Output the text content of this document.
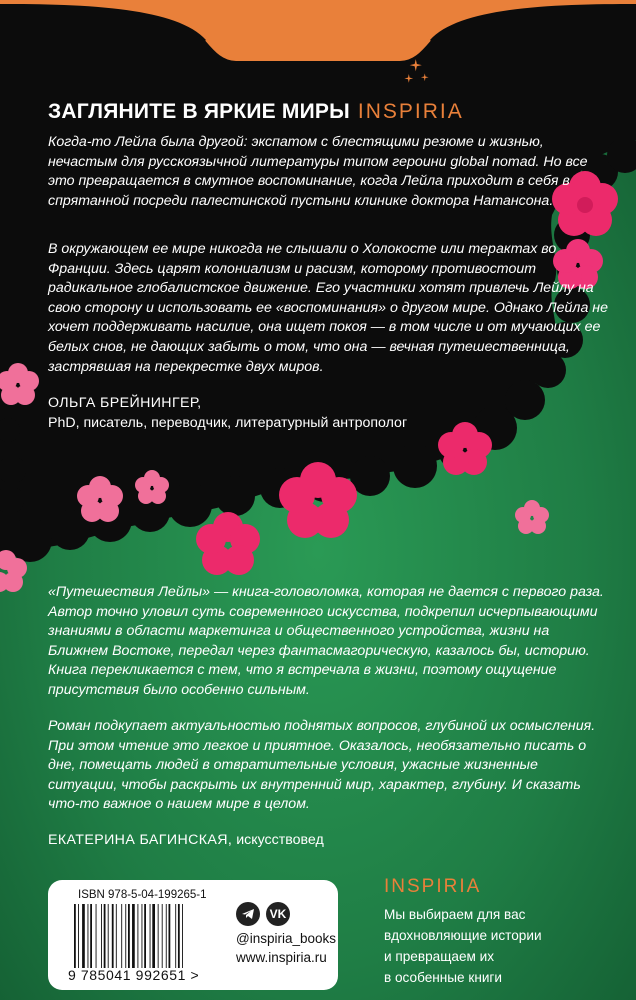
ЗАГЛЯНИТЕ В ЯРКИЕ МИРЫ INSPIRIA
Когда-то Лейла была другой: экспатом с блестящими резюме и жизнью, нечастым для русскоязычной литературы типом героини global nomad. Но все это превращается в смутное воспоминание, когда Лейла приходит в себя в спрятанной посреди палестинской пустыни клинике доктора Натансона.
В окружающем ее мире никогда не слышали о Холокосте или терактах во Франции. Здесь царят колониализм и расизм, которому противостоит радикальное глобалистское движение. Его участники хотят привлечь Лейлу на свою сторону и использовать ее «воспоминания» о другом мире. Однако Лейла не хочет поддерживать насилие, она ищет покоя — в том числе и от мучающих ее белых снов, не дающих забыть о том, что она — вечная путешественница, застрявшая на перекрестке двух миров.
ОЛЬГА БРЕЙНИНГЕР,
PhD, писатель, переводчик, литературный антрополог
«Путешествия Лейлы» — книга-головоломка, которая не дается с первого раза. Автор точно уловил суть современного искусства, подкрепил исчерпывающими знаниями в области маркетинга и общественного устройства, жизни на Ближнем Востоке, передал через фантасмагорическую, казалось бы, историю. Книга перекликается с тем, что я встречала в жизни, поэтому ощущение присутствия было особенно сильным.
Роман подкупает актуальностью поднятых вопросов, глубиной их осмысления. При этом чтение это легкое и приятное. Оказалось, необязательно писать о дне, помещать людей в отвратительные условия, ужасные жизненные ситуации, чтобы раскрыть их внутренний мир, характер, глубину. И сказать что-то важное о нашем мире в целом.
ЕКАТЕРИНА БАГИНСКАЯ, искусствовед
ISBN 978-5-04-199265-1
9 785041 992651 >
VK
@inspiria_books
www.inspiria.ru
INSPIRIA
Мы выбираем для вас
вдохновляющие истории
и превращаем их
в особенные книги
